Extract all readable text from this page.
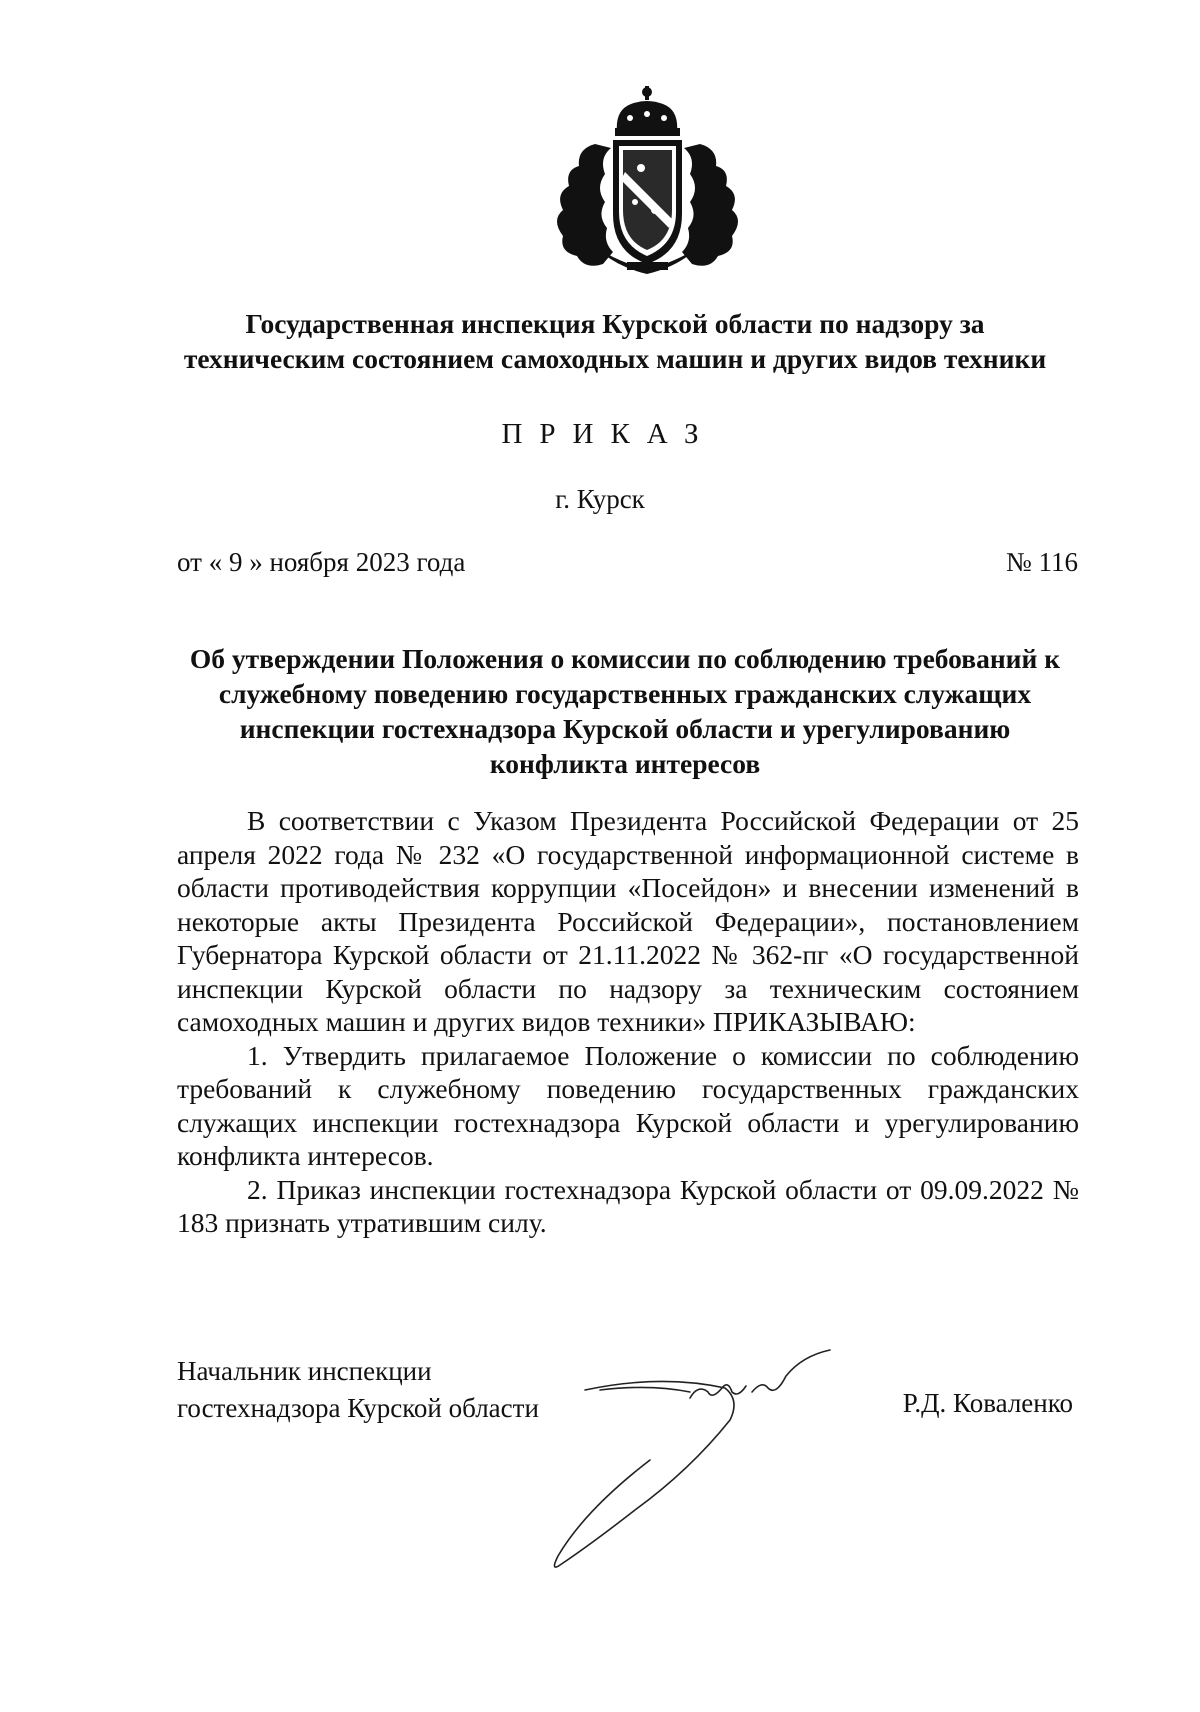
Государственная инспекция Курской области по надзору за
техническим состоянием самоходных машин и других видов техники
ПРИКАЗ
г. Курск
от « 9 » ноября 2023 года	№ 116
Об утверждении Положения о комиссии по соблюдению требований к
служебному поведению государственных гражданских служащих
инспекции гостехнадзора Курской области и урегулированию
конфликта интересов

В соответствии с Указом Президента Российской Федерации от 25 апреля 2022 года № 232 «О государственной информационной системе в области противодействия коррупции «Посейдон» и внесении изменений в некоторые акты Президента Российской Федерации», постановлением Губернатора Курской области от 21.11.2022 № 362-пг «О государственной инспекции Курской области по надзору за техническим состоянием самоходных машин и других видов техники» ПРИКАЗЫВАЮ:

1. Утвердить прилагаемое Положение о комиссии по соблюдению требований к служебному поведению государственных гражданских служащих инспекции гостехнадзора Курской области и урегулированию конфликта интересов.

2. Приказ инспекции гостехнадзора Курской области от 09.09.2022 № 183 признать утратившим силу.

Начальник инспекции
гостехнадзора Курской области	Р.Д. Коваленко
